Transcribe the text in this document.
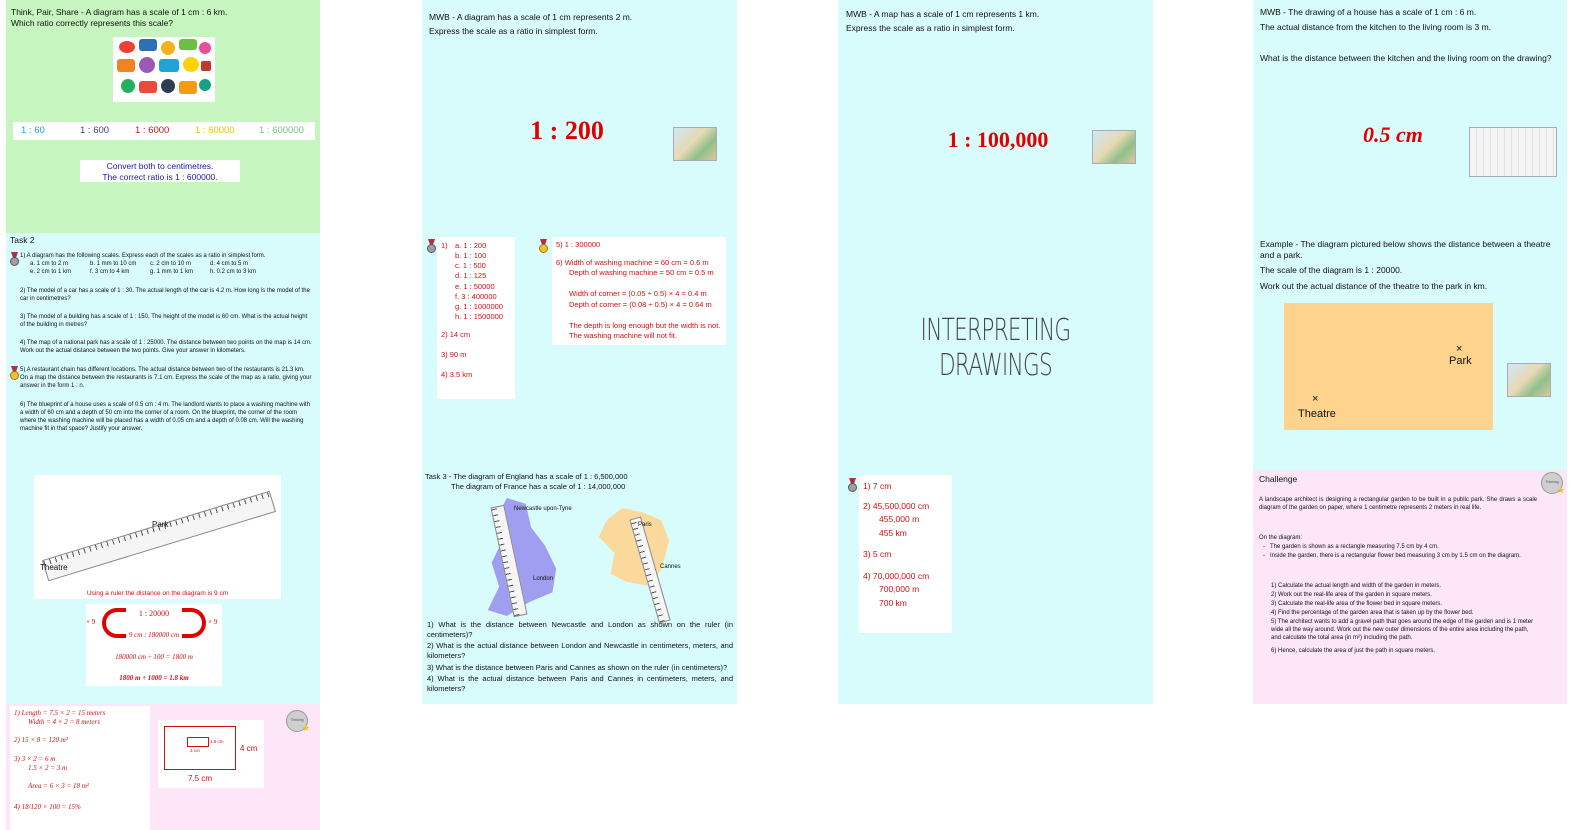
Think, Pair, Share - A diagram has a scale of 1 cm : 6 km.
Which ratio correctly represents this scale?
1 : 60	1 : 600	1 : 6000	1 : 60000	1 : 600000
Convert both to centimetres.
The correct ratio is 1 : 600000.
MWB - A diagram has a scale of 1 cm represents 2 m.
Express the scale as a ratio in simplest form.
1 : 200
MWB - A map has a scale of 1 cm represents 1 km.
Express the scale as a ratio in simplest form.
1 : 100,000
MWB - The drawing of a house has a scale of 1 cm : 6 m.
The actual distance from the kitchen to the living room is 3 m.
What is the distance between the kitchen and the living room on the drawing?
0.5 cm
Task 2
1) A diagram has the following scales. Express each of the scales as a ratio in simplest form.
a. 1 cm to 2 m	b. 1 mm to 10 cm c. 2 cm to 10 m	d. 4 cm to 5 m
e. 2 cm to 1 km	f. 3 cm to 4 km	g. 1 mm to 1 km	h. 0.2 cm to 3 km
2) The model of a car has a scale of 1 : 30. The actual length of the car is 4.2 m. How long is the model of the car in centimetres?
3) The model of a building has a scale of 1 : 150. The height of the model is 60 cm. What is the actual height of the building in metres?
4) The map of a national park has a scale of 1 : 25000. The distance between two points on the map is 14 cm. Work out the actual distance between the two points. Give your answer in kilometers.
5) A restaurant chain has different locations. The actual distance between two of the restaurants is 21.3 km. On a map the distance between the restaurants is 7.1 cm. Express the scale of the map as a ratio, giving your answer in the form 1 : n.
6) The blueprint of a house uses a scale of 0.5 cm : 4 m. The landlord wants to place a washing machine with a width of 60 cm and a depth of 50 cm into the corner of a room. On the blueprint, the corner of the room where the washing machine will be placed has a width of 0.05 cm and a depth of 0.08 cm. Will the washing machine fit in that space? Justify your answer.
1) a. 1 : 200
b. 1 : 100
c. 1 : 500
d. 1 : 125
e. 1 : 50000
f. 3 : 400000
g. 1 : 1000000
h. 1 : 1500000
2) 14 cm
3) 90 m
4) 3.5 km
5) 1 : 300000
6) Width of washing machine = 60 cm = 0.6 m
Depth of washing machine = 50 cm = 0.5 m
Width of corner = (0.05 ÷ 0.5) × 4 = 0.4 m
Depth of corner = (0.08 ÷ 0.5) × 4 = 0.64 m
The depth is long enough but the width is not.
The washing machine will not fit.	INTERPRETING DRAWINGS
Example - The diagram pictured below shows the distance between a theatre and a park.
The scale of the diagram is 1 : 20000.
Work out the actual distance of the theatre to the park in km.
×
Park
×
Theatre
Park
Theatre
Using a ruler the distance on the diagram is 9 cm
1 : 20000
× 9	× 9
9 cm : 180000 cm
180000 cm ÷ 100 = 1800 m
1800 m ÷ 1000 = 1.8 km
Task 3 - The diagram of England has a scale of 1 : 6,500,000
The diagram of France has a scale of 1 : 14,000,000
Newcastle upon-Tyne
London
Paris
Cannes
1) What is the distance between Newcastle and London as shown on the ruler (in centimeters)?
2) What is the actual distance between London and Newcastle in centimeters, meters, and kilometers?
3) What is the distance between Paris and Cannes as shown on the ruler (in centimeters)?
4) What is the actual distance between Paris and Cannes in centimeters, meters, and kilometers?
1) 7 cm
2) 45,500,000 cm
455,000 m
455 km
3) 5 cm
4) 70,000,000 cm
700,000 m
700 km
Challenge	Thinking
★
A landscape architect is designing a rectangular garden to be built in a public park. She draws a scale diagram of the garden on paper, where 1 centimetre represents 2 meters in real life.
On the diagram:
-   The garden is shown as a rectangle measuring 7.5 cm by 4 cm.
-   Inside the garden, there is a rectangular flower bed measuring 3 cm by 1.5 cm on the diagram.
1) Calculate the actual length and width of the garden in meters.
2) Work out the real-life area of the garden in square meters.
3) Calculate the real-life area of the flower bed in square meters.
4) Find the percentage of the garden area that is taken up by the flower bed.
5) The architect wants to add a gravel path that goes around the edge of the garden and is 1 meter wide all the way around. Work out the new outer dimensions of the entire area including the path, and calculate the total area (in m²) including the path.
6) Hence, calculate the area of just the path in square meters.
Thinking
★
1) Length = 7.5 × 2 = 15 meters
Width = 4 × 2 = 8 meters
2) 15 × 8 = 120 m²
3) 3 × 2 = 6 m
1.5 × 2 = 3 m
Area = 6 × 3 = 18 m²
4) 18/120 × 100 = 15%
3 cm
1.5 cm
4 cm
7.5 cm
